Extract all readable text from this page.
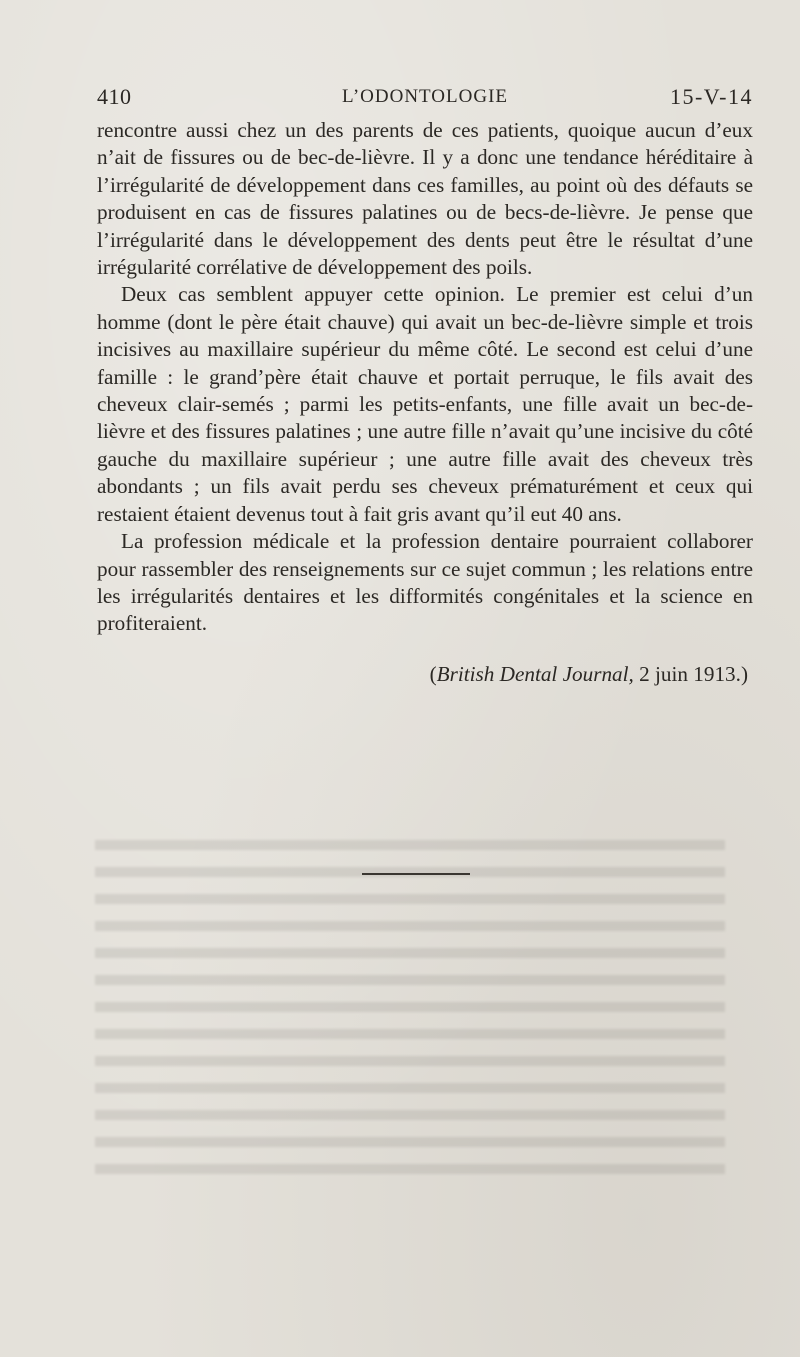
410	L’ODONTOLOGIE	15-V-14

rencontre aussi chez un des parents de ces patients, quoique aucun d’eux n’ait de fissures ou de bec-de-lièvre. Il y a donc une tendance héréditaire à l’irrégularité de développement dans ces familles, au point où des défauts se produisent en cas de fissures palatines ou de becs-de-lièvre. Je pense que l’irrégularité dans le développement des dents peut être le résultat d’une irrégularité corrélative de développement des poils.

Deux cas semblent appuyer cette opinion. Le premier est celui d’un homme (dont le père était chauve) qui avait un bec-de-lièvre simple et trois incisives au maxillaire supérieur du même côté. Le second est celui d’une famille : le grand’père était chauve et portait perruque, le fils avait des cheveux clair-semés ; parmi les petits-enfants, une fille avait un bec-de-lièvre et des fissures palatines ; une autre fille n’avait qu’une incisive du côté gauche du maxillaire supérieur ; une autre fille avait des cheveux très abondants ; un fils avait perdu ses cheveux prématurément et ceux qui restaient étaient devenus tout à fait gris avant qu’il eut 40 ans.

La profession médicale et la profession dentaire pourraient collaborer pour rassembler des renseignements sur ce sujet commun ; les relations entre les irrégularités dentaires et les difformités congénitales et la science en profiteraient.

(British Dental Journal, 2 juin 1913.)
